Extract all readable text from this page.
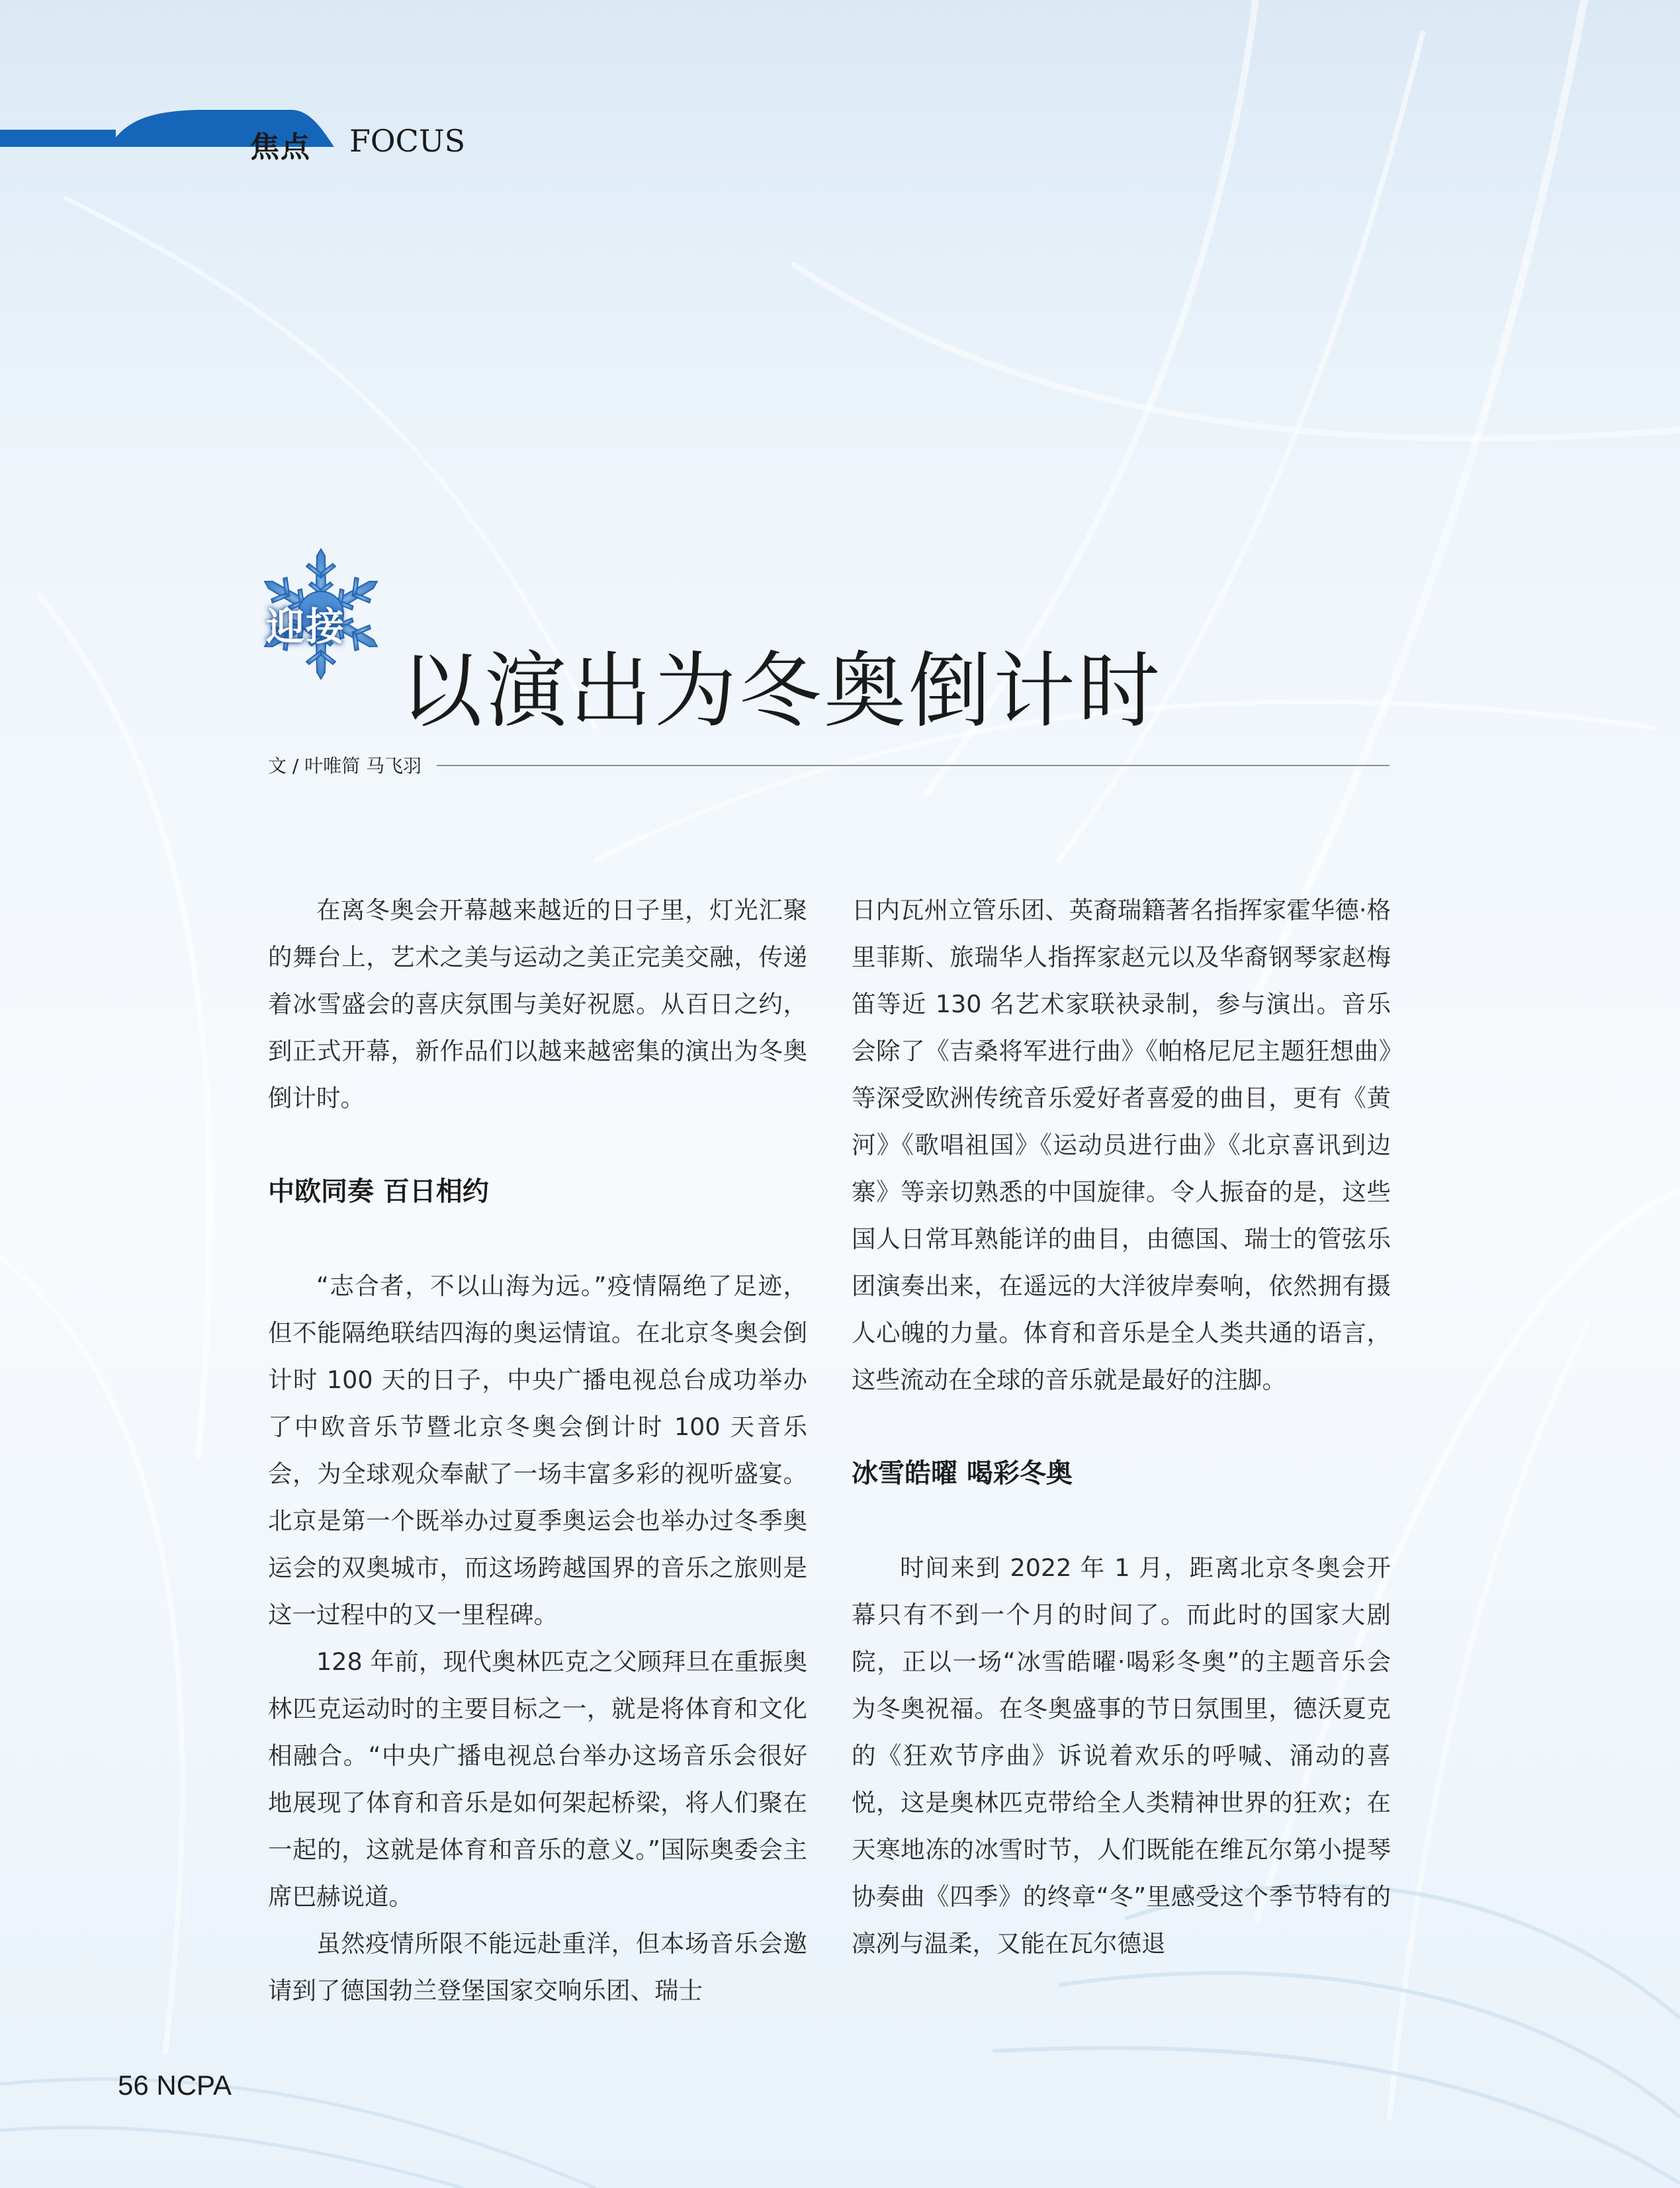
焦点 FOCUS
迎接
以演出为冬奥倒计时
文 / 叶唯简 马飞羽

在离冬奥会开幕越来越近的日子里，灯光汇聚的舞台上，艺术之美与运动之美正完美交融，传递着冰雪盛会的喜庆氛围与美好祝愿。从百日之约，到正式开幕，新作品们以越来越密集的演出为冬奥倒计时。

中欧同奏 百日相约

“志合者，不以山海为远。”疫情隔绝了足迹，但不能隔绝联结四海的奥运情谊。在北京冬奥会倒计时 100 天的日子，中央广播电视总台成功举办了中欧音乐节暨北京冬奥会倒计时 100 天音乐会，为全球观众奉献了一场丰富多彩的视听盛宴。北京是第一个既举办过夏季奥运会也举办过冬季奥运会的双奥城市，而这场跨越国界的音乐之旅则是这一过程中的又一里程碑。

128 年前，现代奥林匹克之父顾拜旦在重振奥林匹克运动时的主要目标之一，就是将体育和文化相融合。“中央广播电视总台举办这场音乐会很好地展现了体育和音乐是如何架起桥梁，将人们聚在一起的，这就是体育和音乐的意义。”国际奥委会主席巴赫说道。

虽然疫情所限不能远赴重洋，但本场音乐会邀请到了德国勃兰登堡国家交响乐团、瑞士

日内瓦州立管乐团、英裔瑞籍著名指挥家霍华德·格里菲斯、旅瑞华人指挥家赵元以及华裔钢琴家赵梅笛等近 130 名艺术家联袂录制，参与演出。音乐会除了《吉桑将军进行曲》《帕格尼尼主题狂想曲》等深受欧洲传统音乐爱好者喜爱的曲目，更有《黄河》《歌唱祖国》《运动员进行曲》《北京喜讯到边寨》等亲切熟悉的中国旋律。令人振奋的是，这些国人日常耳熟能详的曲目，由德国、瑞士的管弦乐团演奏出来，在遥远的大洋彼岸奏响，依然拥有摄人心魄的力量。体育和音乐是全人类共通的语言，这些流动在全球的音乐就是最好的注脚。

冰雪皓曜 喝彩冬奥

时间来到 2022 年 1 月，距离北京冬奥会开幕只有不到一个月的时间了。而此时的国家大剧院，正以一场“冰雪皓曜·喝彩冬奥”的主题音乐会为冬奥祝福。在冬奥盛事的节日氛围里，德沃夏克的《狂欢节序曲》诉说着欢乐的呼喊、涌动的喜悦，这是奥林匹克带给全人类精神世界的狂欢；在天寒地冻的冰雪时节，人们既能在维瓦尔第小提琴协奏曲《四季》的终章“冬”里感受这个季节特有的凛冽与温柔，又能在瓦尔德退

56 NCPA
